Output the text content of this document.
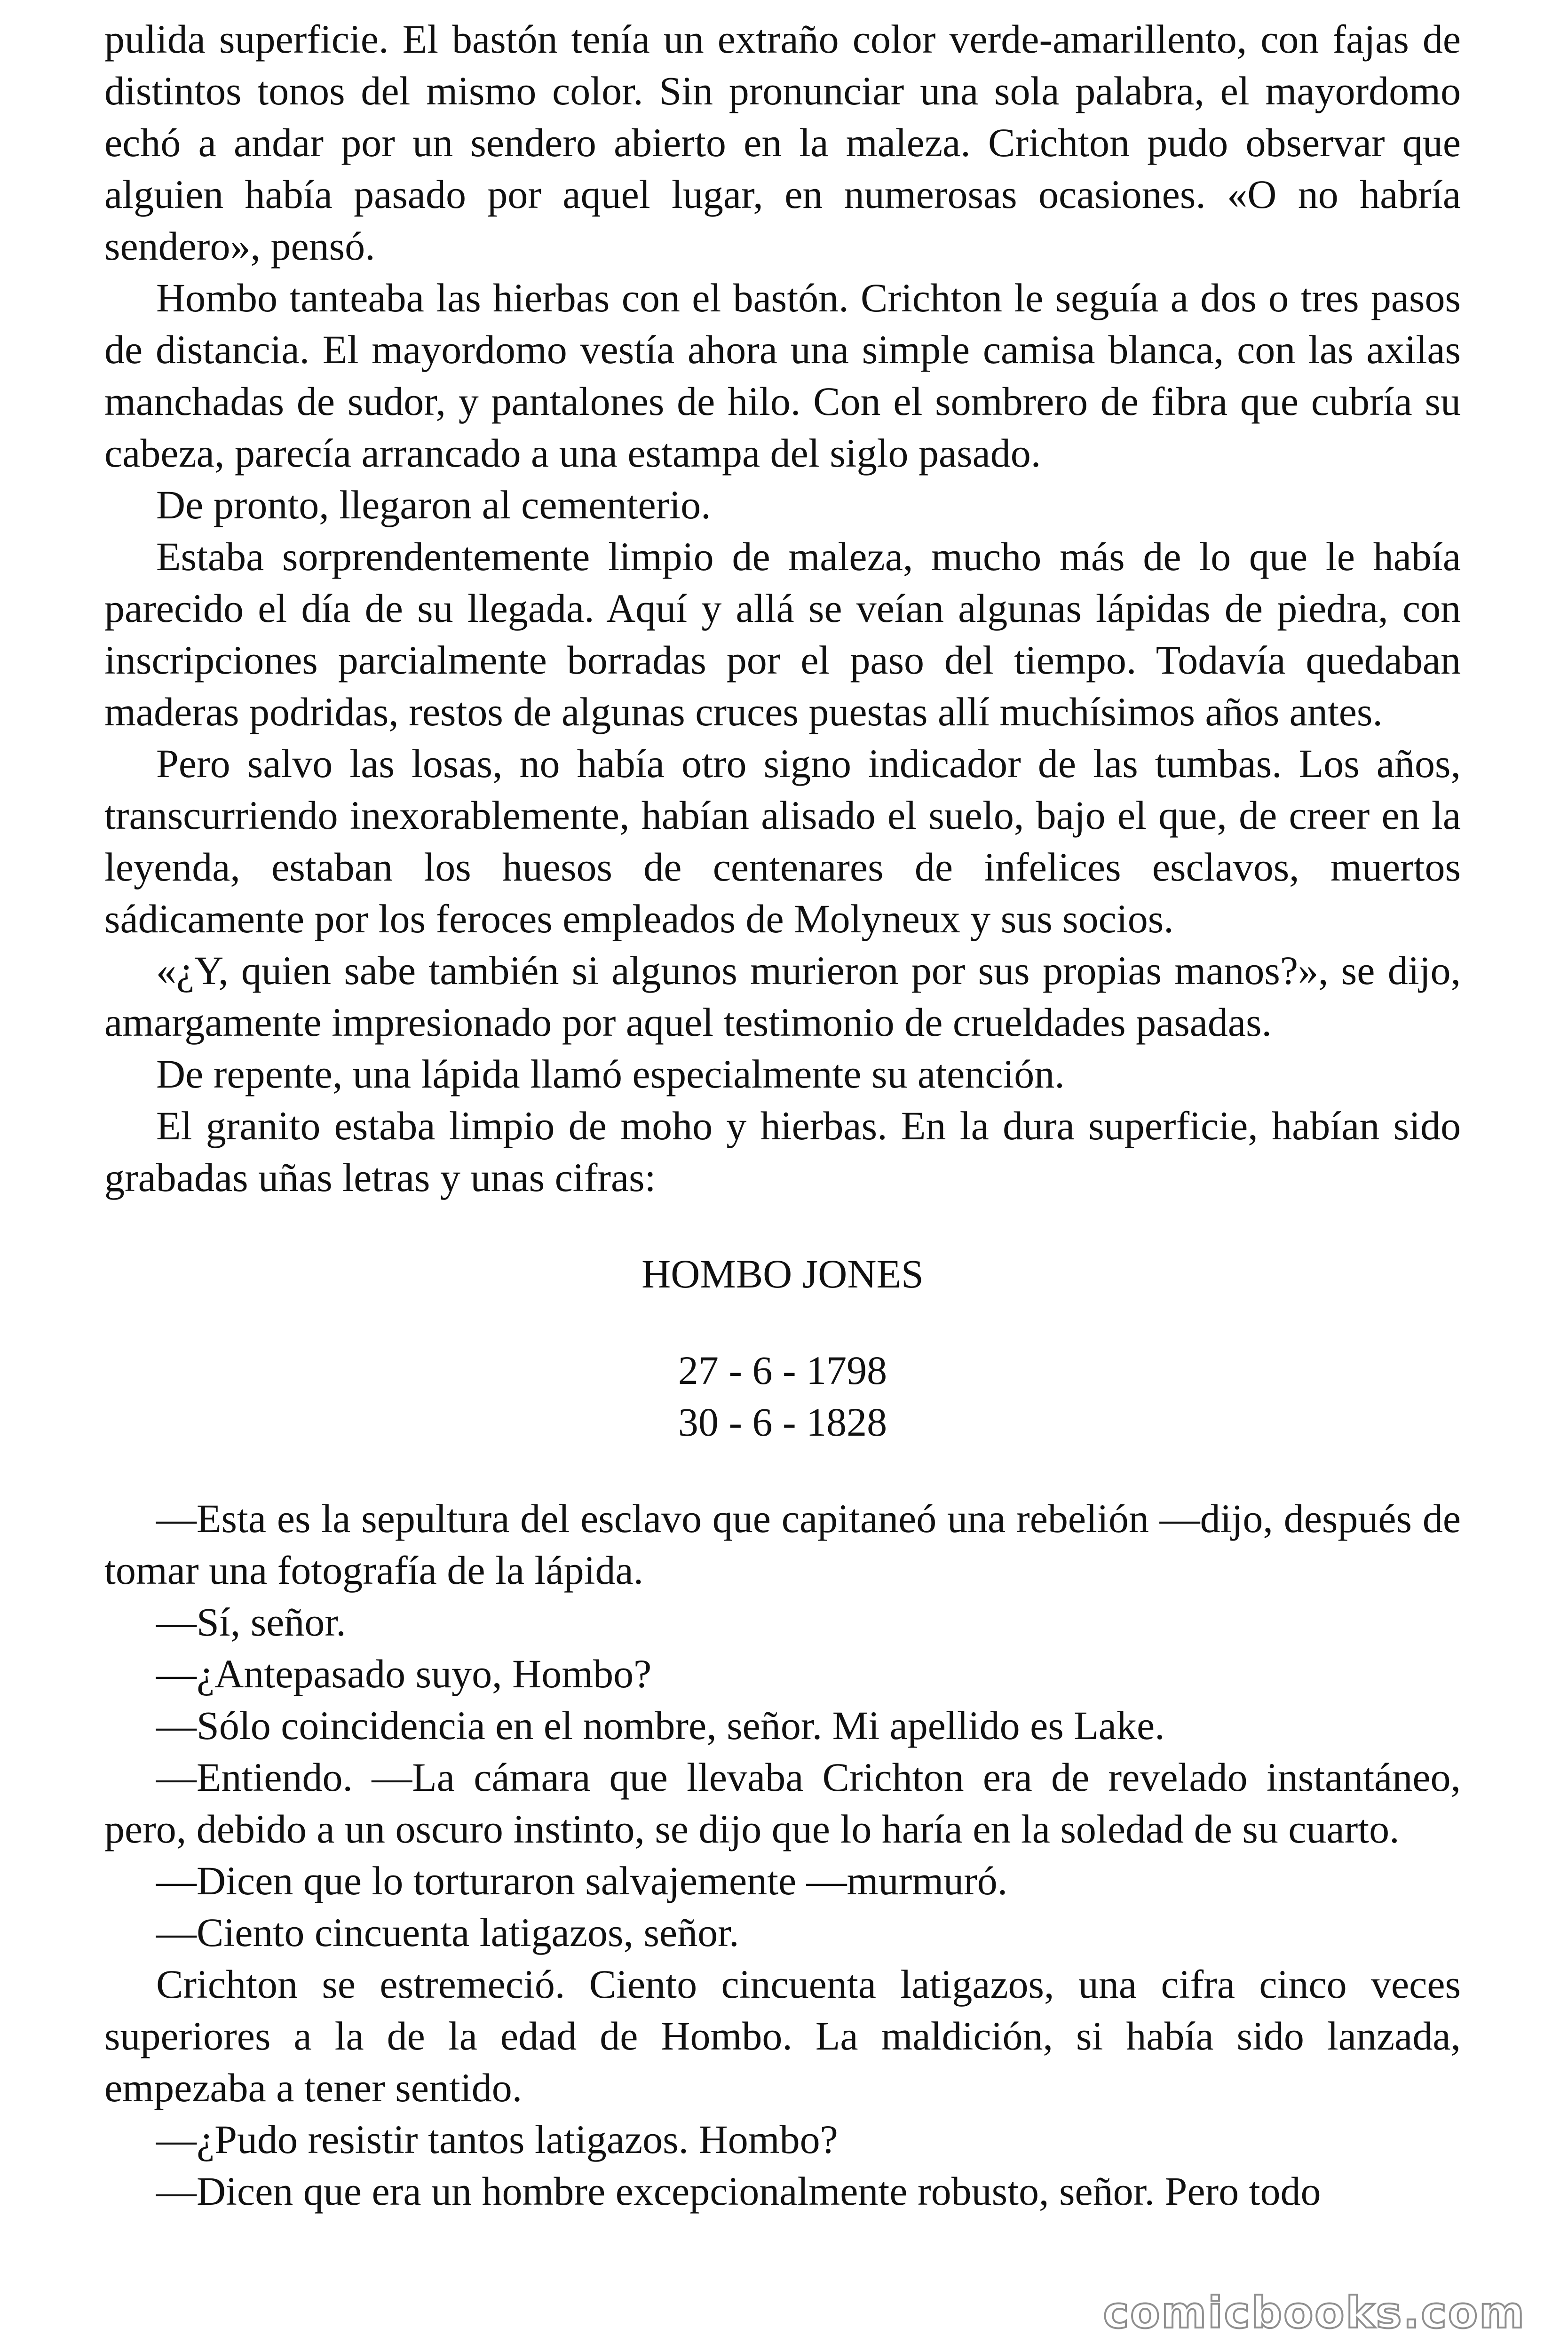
pulida superficie. El bastón tenía un extraño color verde-amarillento, con fajas de distintos tonos del mismo color. Sin pronunciar una sola palabra, el mayordomo echó a andar por un sendero abierto en la maleza. Crichton pudo observar que alguien había pasado por aquel lugar, en numerosas ocasiones. «O no habría sendero», pensó.

Hombo tanteaba las hierbas con el bastón. Crichton le seguía a dos o tres pasos de distancia. El mayordomo vestía ahora una simple camisa blanca, con las axilas manchadas de sudor, y pantalones de hilo. Con el sombrero de fibra que cubría su cabeza, parecía arrancado a una estampa del siglo pasado.

De pronto, llegaron al cementerio.

Estaba sorprendentemente limpio de maleza, mucho más de lo que le había parecido el día de su llegada. Aquí y allá se veían algunas lápidas de piedra, con inscripciones parcialmente borradas por el paso del tiempo. Todavía quedaban maderas podridas, restos de algunas cruces puestas allí muchísimos años antes.

Pero salvo las losas, no había otro signo indicador de las tumbas. Los años, transcurriendo inexorablemente, habían alisado el suelo, bajo el que, de creer en la leyenda, estaban los huesos de centenares de infelices esclavos, muertos sádicamente por los feroces empleados de Molyneux y sus socios.

«¿Y, quien sabe también si algunos murieron por sus propias manos?», se dijo, amargamente impresionado por aquel testimonio de crueldades pasadas.

De repente, una lápida llamó especialmente su atención.

El granito estaba limpio de moho y hierbas. En la dura superficie, habían sido grabadas uñas letras y unas cifras:

HOMBO JONES

27 - 6 - 1798

30 - 6 - 1828

—Esta es la sepultura del esclavo que capitaneó una rebelión —dijo, después de tomar una fotografía de la lápida.

—Sí, señor.

—¿Antepasado suyo, Hombo?

—Sólo coincidencia en el nombre, señor. Mi apellido es Lake.

—Entiendo. —La cámara que llevaba Crichton era de revelado instantáneo, pero, debido a un oscuro instinto, se dijo que lo haría en la soledad de su cuarto.

—Dicen que lo torturaron salvajemente —murmuró.

—Ciento cincuenta latigazos, señor.

Crichton se estremeció. Ciento cincuenta latigazos, una cifra cinco veces superiores a la de la edad de Hombo. La maldición, si había sido lanzada, empezaba a tener sentido.

—¿Pudo resistir tantos latigazos. Hombo?

—Dicen que era un hombre excepcionalmente robusto, señor. Pero todo

comicbooks.com
